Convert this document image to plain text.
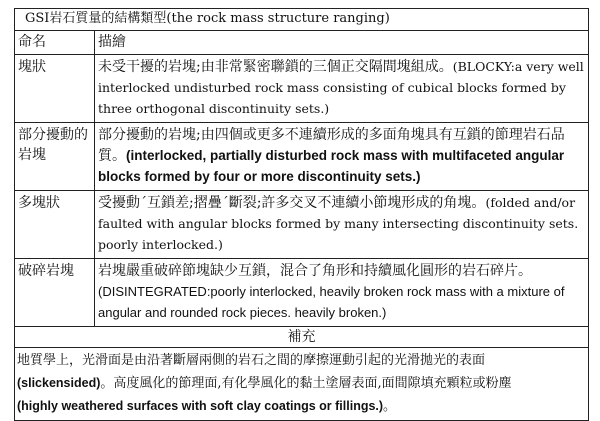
GSI岩石質量的結構類型(the rock mass structure ranging)	
命名	描繪
塊狀	未受干擾的岩塊;由非常緊密聯鎖的三個正交隔間塊組成。(BLOCKY:a very well interlocked undisturbed rock mass consisting of cubical blocks formed by three orthogonal discontinuity sets.)
部分擾動的岩塊	部分擾動的岩塊;由四個或更多不連續形成的多面角塊具有互鎖的節理岩石品質。(interlocked, partially disturbed rock mass with multifaceted angular blocks formed by four or more discontinuity sets.)
多塊狀	受擾動´互鎖差;摺疊´斷裂;許多交叉不連續小節塊形成的角塊。(folded and/or faulted with angular blocks formed by many intersecting discontinuity sets. poorly interlocked.)
破碎岩塊	岩塊嚴重破碎節塊缺少互鎖，混合了角形和持續風化圓形的岩石碎片。(DISINTEGRATED:poorly interlocked, heavily broken rock mass with a mixture of angular and rounded rock pieces. heavily broken.)
補充	
地質學上，光滑面是由沿著斷層兩側的岩石之間的摩擦運動引起的光滑拋光的表面
(slickensided)。高度風化的節理面,有化學風化的黏土塗層表面,面間隙填充顆粒或粉塵
(highly weathered surfaces with soft clay coatings or fillings.)。	
